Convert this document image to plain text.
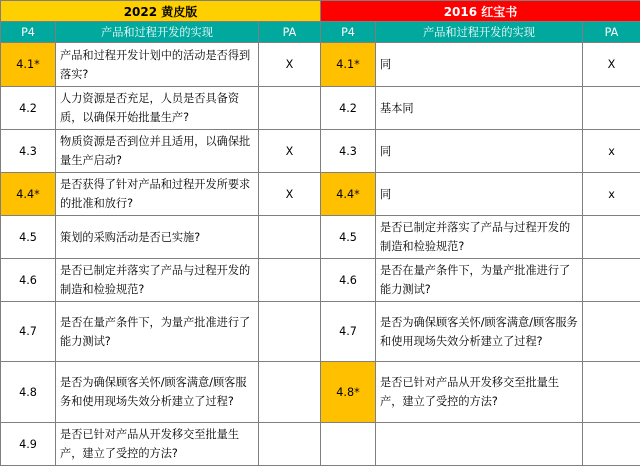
2022 黄皮版			2016 红宝书		
P4	产品和过程开发的实现	PA	P4	产品和过程开发的实现	PA
4.1*	产品和过程开发计划中的活动是否得到落实?	X	4.1*	同	X
4.2	人力资源是否充足，人员是否具备资质，以确保开始批量生产?		4.2	基本同	
4.3	物质资源是否到位并且适用，以确保批量生产启动?	X	4.3	同	x
4.4*	是否获得了针对产品和过程开发所要求的批准和放行?	X	4.4*	同	x
4.5	策划的采购活动是否已实施?		4.5	是否已制定并落实了产品与过程开发的制造和检验规范?	
4.6	是否已制定并落实了产品与过程开发的制造和检验规范?		4.6	是否在量产条件下，为量产批准进行了能力测试?	
4.7	是否在量产条件下，为量产批准进行了能力测试?		4.7	是否为确保顾客关怀/顾客满意/顾客服务和使用现场失效分析建立了过程?	
4.8	是否为确保顾客关怀/顾客满意/顾客服务和使用现场失效分析建立了过程?		4.8*	是否已针对产品从开发移交至批量生产，建立了受控的方法?	
4.9	是否已针对产品从开发移交至批量生产，建立了受控的方法?				
